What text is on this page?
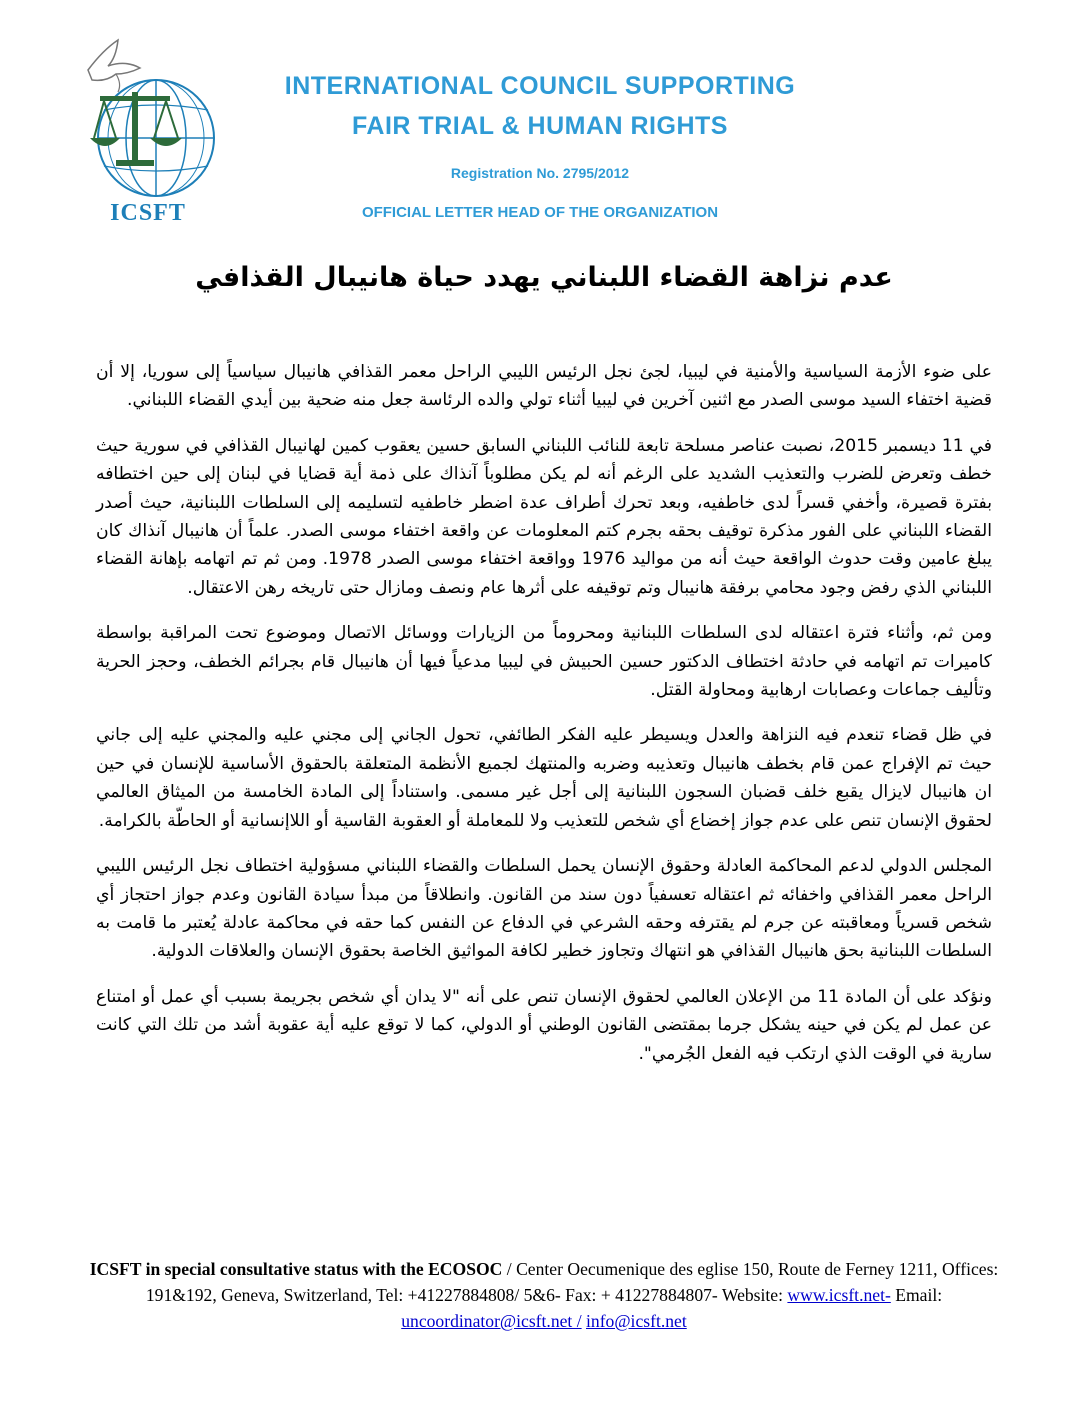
ICSFT
INTERNATIONAL COUNCIL SUPPORTING
FAIR TRIAL & HUMAN RIGHTS
Registration No. 2795/2012
OFFICIAL LETTER HEAD OF THE ORGANIZATION
عدم نزاهة القضاء اللبناني يهدد حياة هانيبال القذافي

على ضوء الأزمة السياسية والأمنية في ليبيا، لجئ نجل الرئيس الليبي الراحل معمر القذافي هانيبال سياسياً إلى سوريا، إلا أن قضية اختفاء السيد موسى الصدر مع اثنين آخرين في ليبيا أثناء تولي والده الرئاسة جعل منه ضحية بين أيدي القضاء اللبناني.

في 11 ديسمبر 2015، نصبت عناصر مسلحة تابعة للنائب اللبناني السابق حسين يعقوب كمين لهانيبال القذافي في سورية حيث خطف وتعرض للضرب والتعذيب الشديد على الرغم أنه لم يكن مطلوباً آنذاك على ذمة أية قضايا في لبنان إلى حين اختطافه بفترة قصيرة، وأخفي قسراً لدى خاطفيه، وبعد تحرك أطراف عدة اضطر خاطفيه لتسليمه إلى السلطات اللبنانية، حيث أصدر القضاء اللبناني على الفور مذكرة توقيف بحقه بجرم كتم المعلومات عن واقعة اختفاء موسى الصدر. علماً أن هانيبال آنذاك كان يبلغ عامين وقت حدوث الواقعة حيث أنه من مواليد 1976 وواقعة اختفاء موسى الصدر 1978. ومن ثم تم اتهامه بإهانة القضاء اللبناني الذي رفض وجود محامي برفقة هانيبال وتم توقيفه على أثرها عام ونصف ومازال حتى تاريخه رهن الاعتقال.

ومن ثم، وأثناء فترة اعتقاله لدى السلطات اللبنانية ومحروماً من الزيارات ووسائل الاتصال وموضوع تحت المراقبة بواسطة كاميرات تم اتهامه في حادثة اختطاف الدكتور حسين الحبيش في ليبيا مدعياً فيها أن هانيبال قام بجرائم الخطف، وحجز الحرية وتأليف جماعات وعصابات ارهابية ومحاولة القتل.

في ظل قضاء تنعدم فيه النزاهة والعدل ويسيطر عليه الفكر الطائفي، تحول الجاني إلى مجني عليه والمجني عليه إلى جاني حيث تم الإفراج عمن قام بخطف هانيبال وتعذيبه وضربه والمنتهك لجميع الأنظمة المتعلقة بالحقوق الأساسية للإنسان في حين ان هانيبال لايزال يقبع خلف قضبان السجون اللبنانية إلى أجل غير مسمى. واستناداً إلى المادة الخامسة من الميثاق العالمي لحقوق الإنسان تنص على عدم جواز إخضاع أي شخص للتعذيب ولا للمعاملة أو العقوبة القاسية أو اللاإنسانية أو الحاطّة بالكرامة.

المجلس الدولي لدعم المحاكمة العادلة وحقوق الإنسان يحمل السلطات والقضاء اللبناني مسؤولية اختطاف نجل الرئيس الليبي الراحل معمر القذافي واخفائه ثم اعتقاله تعسفياً دون سند من القانون. وانطلاقاً من مبدأ سيادة القانون وعدم جواز احتجاز أي شخص قسرياً ومعاقبته عن جرم لم يقترفه وحقه الشرعي في الدفاع عن النفس كما حقه في محاكمة عادلة يُعتبر ما قامت به السلطات اللبنانية بحق هانيبال القذافي هو انتهاك وتجاوز خطير لكافة المواثيق الخاصة بحقوق الإنسان والعلاقات الدولية.

ونؤكد على أن المادة 11 من الإعلان العالمي لحقوق الإنسان تنص على أنه "لا يدان أي شخص بجريمة بسبب أي عمل أو امتناع عن عمل لم يكن في حينه يشكل جرما بمقتضى القانون الوطني أو الدولي، كما لا توقع عليه أية عقوبة أشد من تلك التي كانت سارية في الوقت الذي ارتكب فيه الفعل الجُرمي".

ICSFT in special consultative status with the ECOSOC / Center Oecumenique des eglise 150, Route de Ferney 1211, Offices: 191&192, Geneva, Switzerland, Tel: +41227884808/ 5&6- Fax: + 41227884807- Website: www.icsft.net- Email: uncoordinator@icsft.net / info@icsft.net
